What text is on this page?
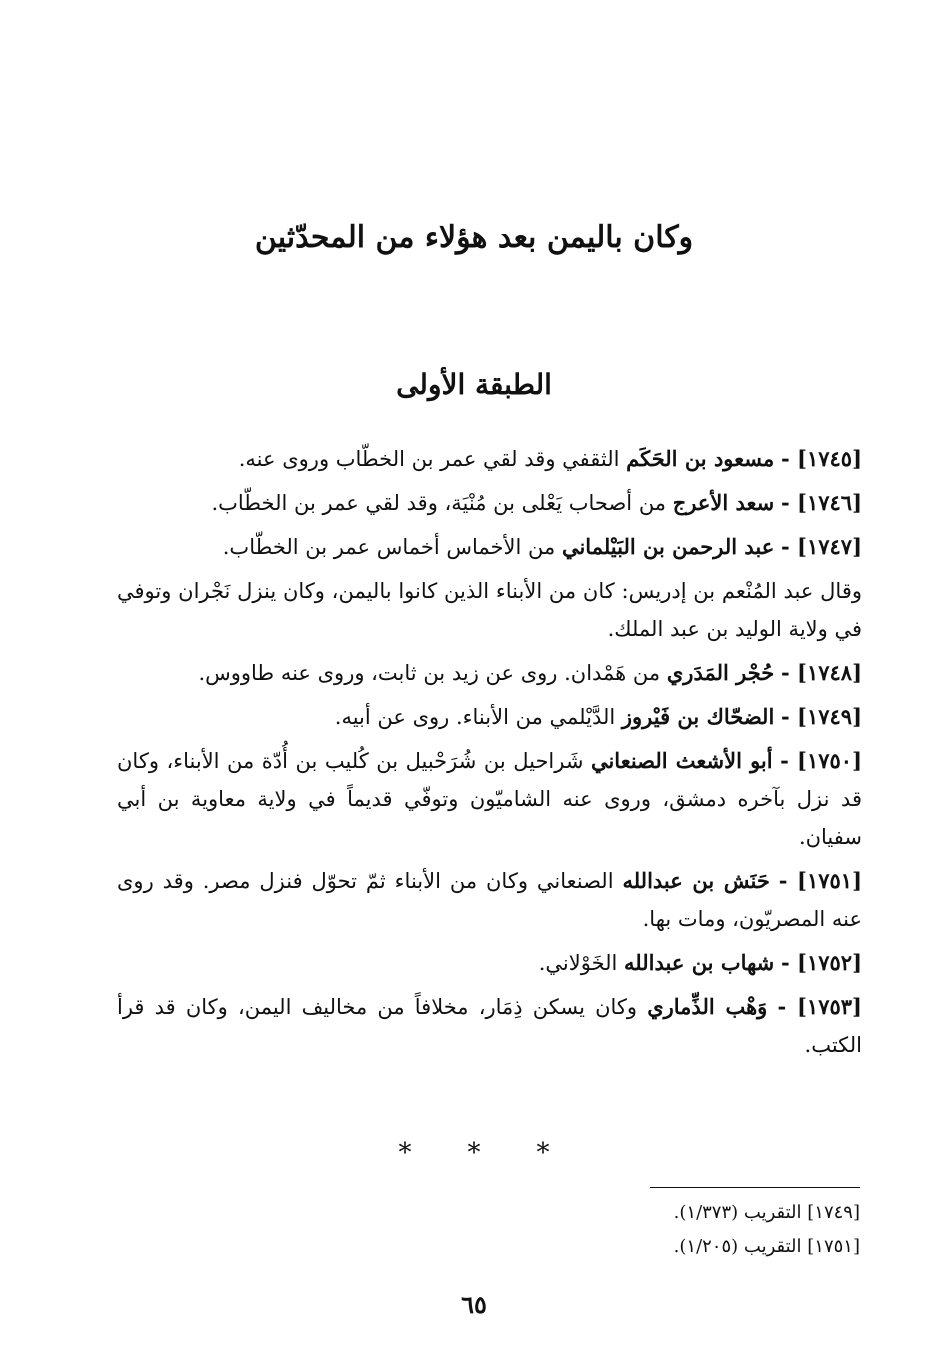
وكان باليمن بعد هؤلاء من المحدّثين
الطبقة الأولى

[١٧٤٥] - مسعود بن الحَكَم الثقفي وقد لقي عمر بن الخطّاب وروى عنه.

[١٧٤٦] - سعد الأعرج من أصحاب يَعْلى بن مُنْيَة، وقد لقي عمر بن الخطّاب.

[١٧٤٧] - عبد الرحمن بن البَيْلماني من الأخماس أخماس عمر بن الخطّاب.

وقال عبد المُنْعم بن إدريس: كان من الأبناء الذين كانوا باليمن، وكان ينزل نَجْران وتوفي في ولاية الوليد بن عبد الملك.

[١٧٤٨] - حُجْر المَدَري من هَمْدان. روى عن زيد بن ثابت، وروى عنه طاووس.

[١٧٤٩] - الضحّاك بن فَيْروز الدَّيْلمي من الأبناء. روى عن أبيه.

[١٧٥٠] - أبو الأشعث الصنعاني شَراحيل بن شُرَحْبيل بن كُليب بن أُدّة من الأبناء، وكان قد نزل بآخره دمشق، وروى عنه الشاميّون وتوفّي قديماً في ولاية معاوية بن أبي سفيان.

[١٧٥١] - حَنَش بن عبدالله الصنعاني وكان من الأبناء ثمّ تحوّل فنزل مصر. وقد روى عنه المصريّون، ومات بها.

[١٧٥٢] - شهاب بن عبدالله الخَوْلاني.

[١٧٥٣] - وَهْب الذِّماري وكان يسكن ذِمَار، مخلافاً من مخاليف اليمن، وكان قد قرأ الكتب.

***
[١٧٤٩] التقريب (١/٣٧٣).
[١٧٥١] التقريب (١/٢٠٥).
٦٥
